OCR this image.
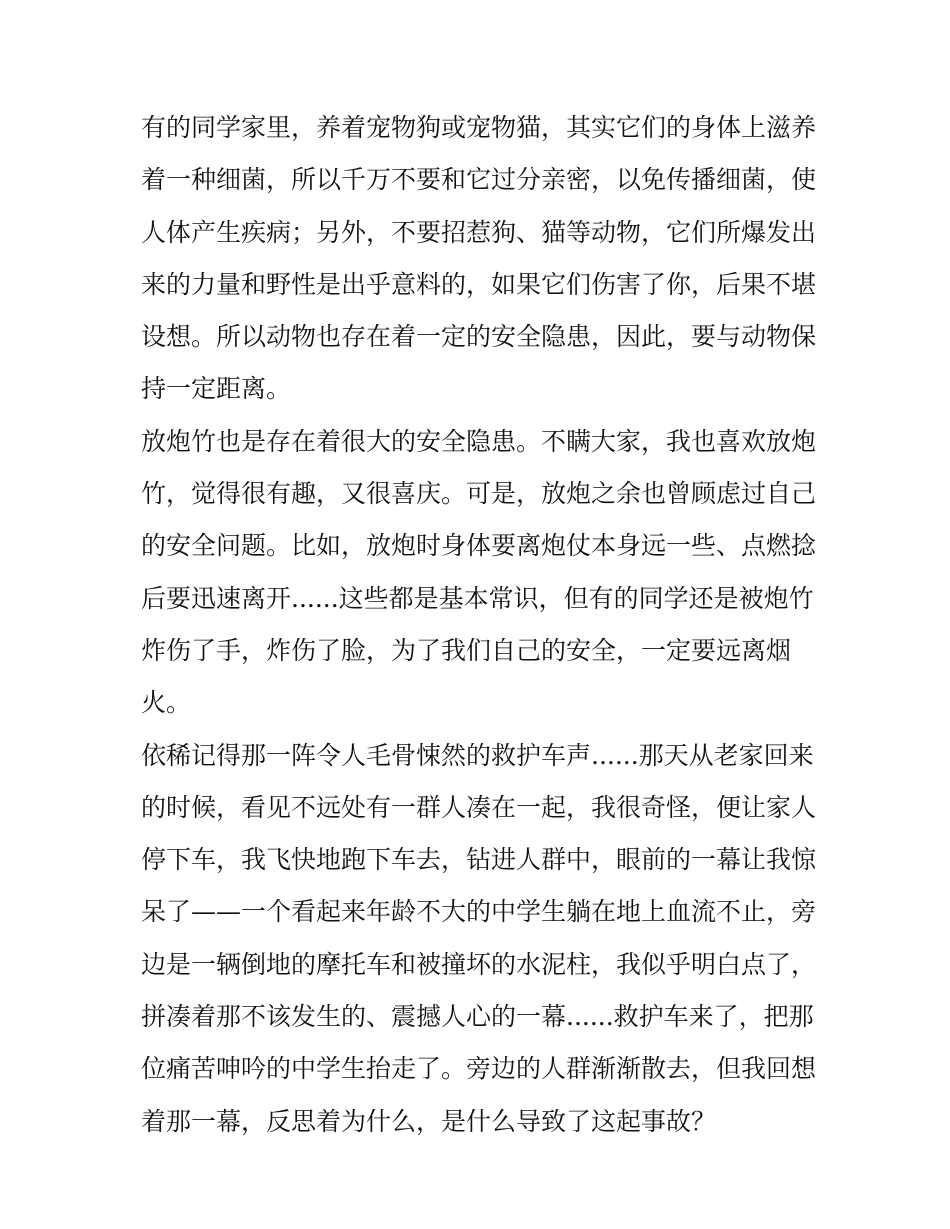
有的同学家里，养着宠物狗或宠物猫，其实它们的身体上滋养
着一种细菌，所以千万不要和它过分亲密，以免传播细菌，使
人体产生疾病；另外，不要招惹狗、猫等动物，它们所爆发出
来的力量和野性是出乎意料的，如果它们伤害了你，后果不堪
设想。所以动物也存在着一定的安全隐患，因此，要与动物保
持一定距离。
放炮竹也是存在着很大的安全隐患。不瞒大家，我也喜欢放炮
竹，觉得很有趣，又很喜庆。可是，放炮之余也曾顾虑过自己
的安全问题。比如，放炮时身体要离炮仗本身远一些、点燃捻
后要迅速离开......这些都是基本常识，但有的同学还是被炮竹
炸伤了手，炸伤了脸，为了我们自己的安全，一定要远离烟
火。
依稀记得那一阵令人毛骨悚然的救护车声......那天从老家回来
的时候，看见不远处有一群人凑在一起，我很奇怪，便让家人
停下车，我飞快地跑下车去，钻进人群中，眼前的一幕让我惊
呆了——一个看起来年龄不大的中学生躺在地上血流不止，旁
边是一辆倒地的摩托车和被撞坏的水泥柱，我似乎明白点了，
拼凑着那不该发生的、震撼人心的一幕......救护车来了，把那
位痛苦呻吟的中学生抬走了。旁边的人群渐渐散去，但我回想
着那一幕，反思着为什么，是什么导致了这起事故？
